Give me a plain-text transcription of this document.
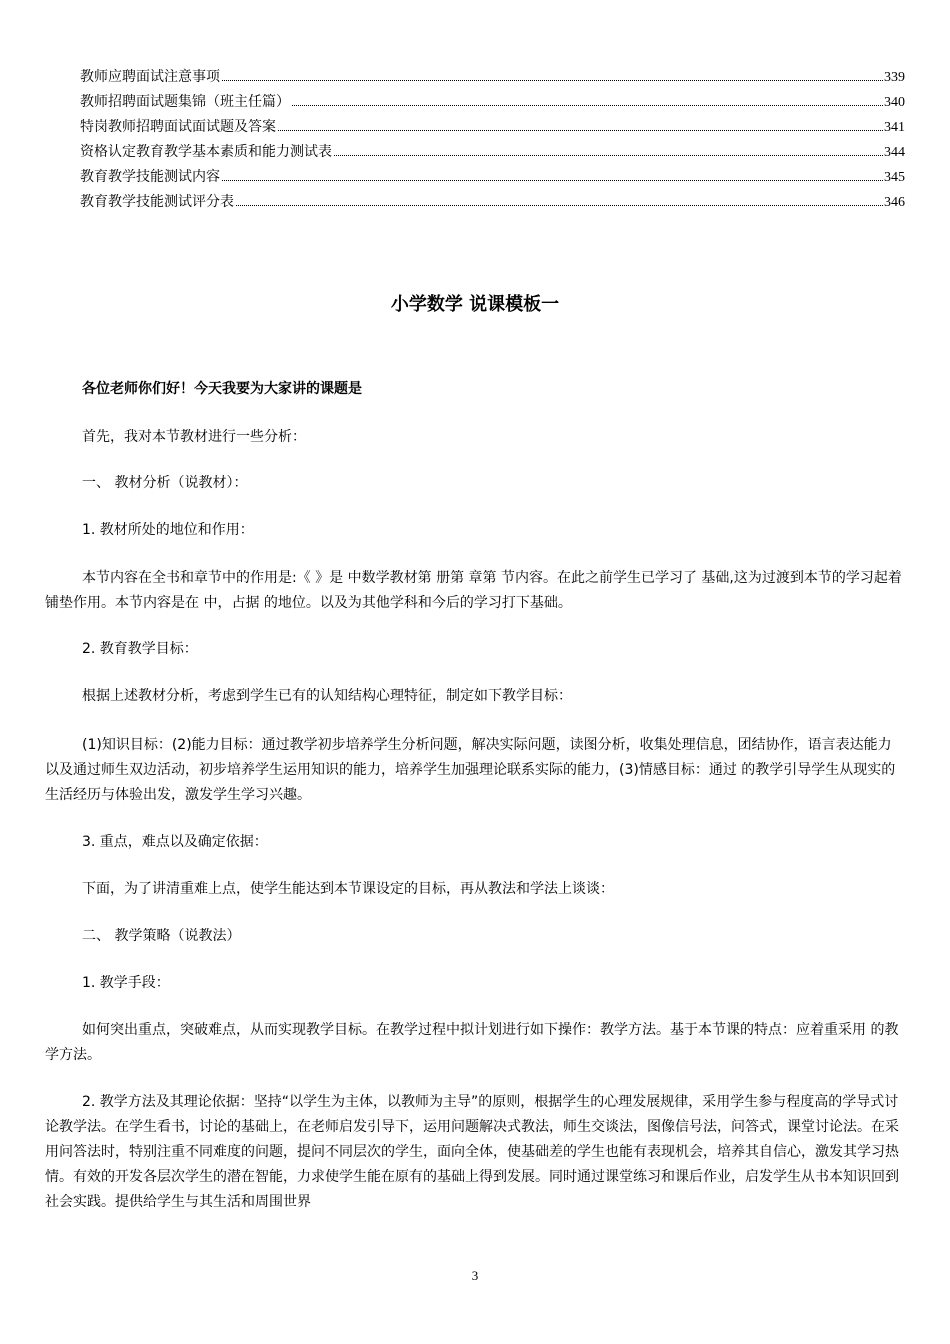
教师应聘面试注意事项	339
教师招聘面试题集锦（班主任篇）	340
特岗教师招聘面试面试题及答案	341
资格认定教育教学基本素质和能力测试表	344
教育教学技能测试内容	345
教育教学技能测试评分表	346
小学数学 说课模板一

各位老师你们好！今天我要为大家讲的课题是

首先，我对本节教材进行一些分析：

一、 教材分析（说教材）：

1. 教材所处的地位和作用：

本节内容在全书和章节中的作用是:《 》是 中数学教材第 册第 章第 节内容。在此之前学生已学习了 基础,这为过渡到本节的学习起着铺垫作用。本节内容是在 中，占据 的地位。以及为其他学科和今后的学习打下基础。

2. 教育教学目标：

根据上述教材分析，考虑到学生已有的认知结构心理特征，制定如下教学目标：

(1)知识目标：(2)能力目标：通过教学初步培养学生分析问题，解决实际问题，读图分析，收集处理信息，团结协作，语言表达能力以及通过师生双边活动，初步培养学生运用知识的能力，培养学生加强理论联系实际的能力，(3)情感目标：通过 的教学引导学生从现实的生活经历与体验出发，激发学生学习兴趣。

3. 重点，难点以及确定依据：

下面，为了讲清重难上点，使学生能达到本节课设定的目标，再从教法和学法上谈谈：

二、 教学策略（说教法）

1. 教学手段：

如何突出重点，突破难点，从而实现教学目标。在教学过程中拟计划进行如下操作：教学方法。基于本节课的特点：应着重采用 的教学方法。

2. 教学方法及其理论依据：坚持“以学生为主体，以教师为主导”的原则，根据学生的心理发展规律，采用学生参与程度高的学导式讨论教学法。在学生看书，讨论的基础上，在老师启发引导下，运用问题解决式教法，师生交谈法，图像信号法，问答式，课堂讨论法。在采用问答法时，特别注重不同难度的问题，提问不同层次的学生，面向全体，使基础差的学生也能有表现机会，培养其自信心，激发其学习热情。有效的开发各层次学生的潜在智能，力求使学生能在原有的基础上得到发展。同时通过课堂练习和课后作业，启发学生从书本知识回到社会实践。提供给学生与其生活和周围世界

3
